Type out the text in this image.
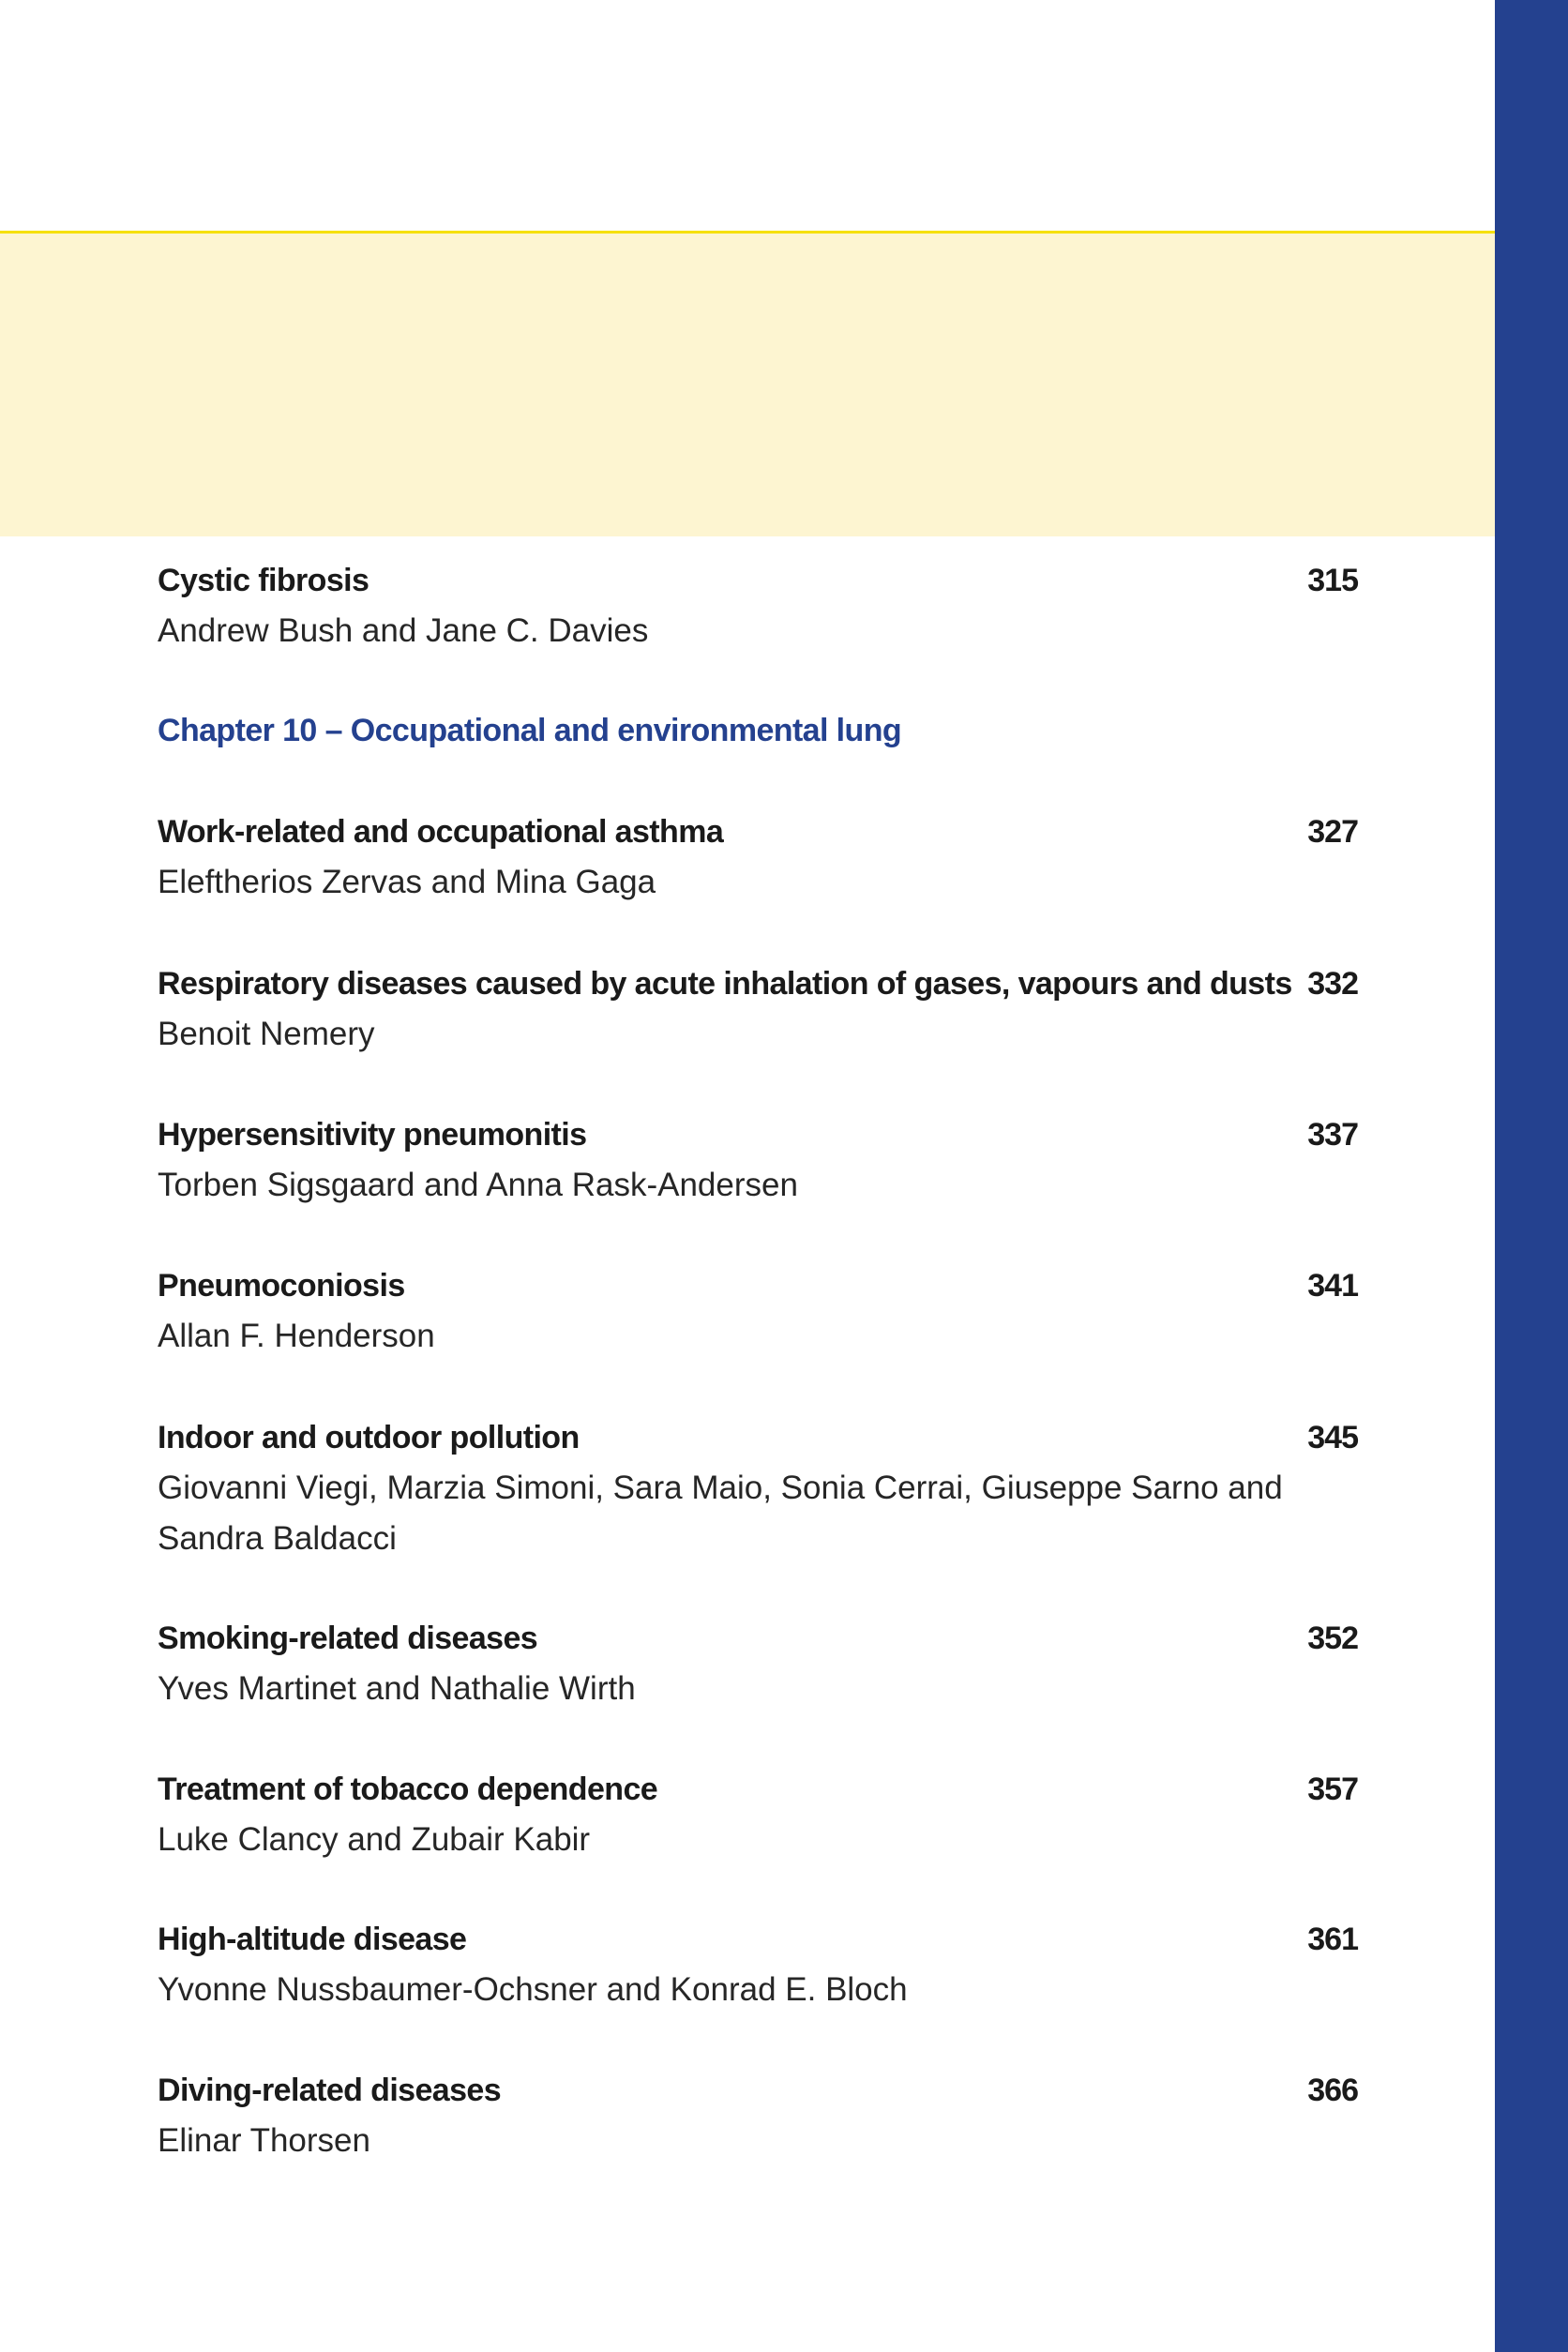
Cystic fibrosis
Andrew Bush and Jane C. Davies
315
Chapter 10 – Occupational and environmental lung
Work-related and occupational asthma
Eleftherios Zervas and Mina Gaga
327
Respiratory diseases caused by acute inhalation of gases, vapours and dusts
Benoit Nemery
332
Hypersensitivity pneumonitis
Torben Sigsgaard and Anna Rask-Andersen
337
Pneumoconiosis
Allan F. Henderson
341
Indoor and outdoor pollution
Giovanni Viegi, Marzia Simoni, Sara Maio, Sonia Cerrai, Giuseppe Sarno and Sandra Baldacci
345
Smoking-related diseases
Yves Martinet and Nathalie Wirth
352
Treatment of tobacco dependence
Luke Clancy and Zubair Kabir
357
High-altitude disease
Yvonne Nussbaumer-Ochsner and Konrad E. Bloch
361
Diving-related diseases
Elinar Thorsen
366
